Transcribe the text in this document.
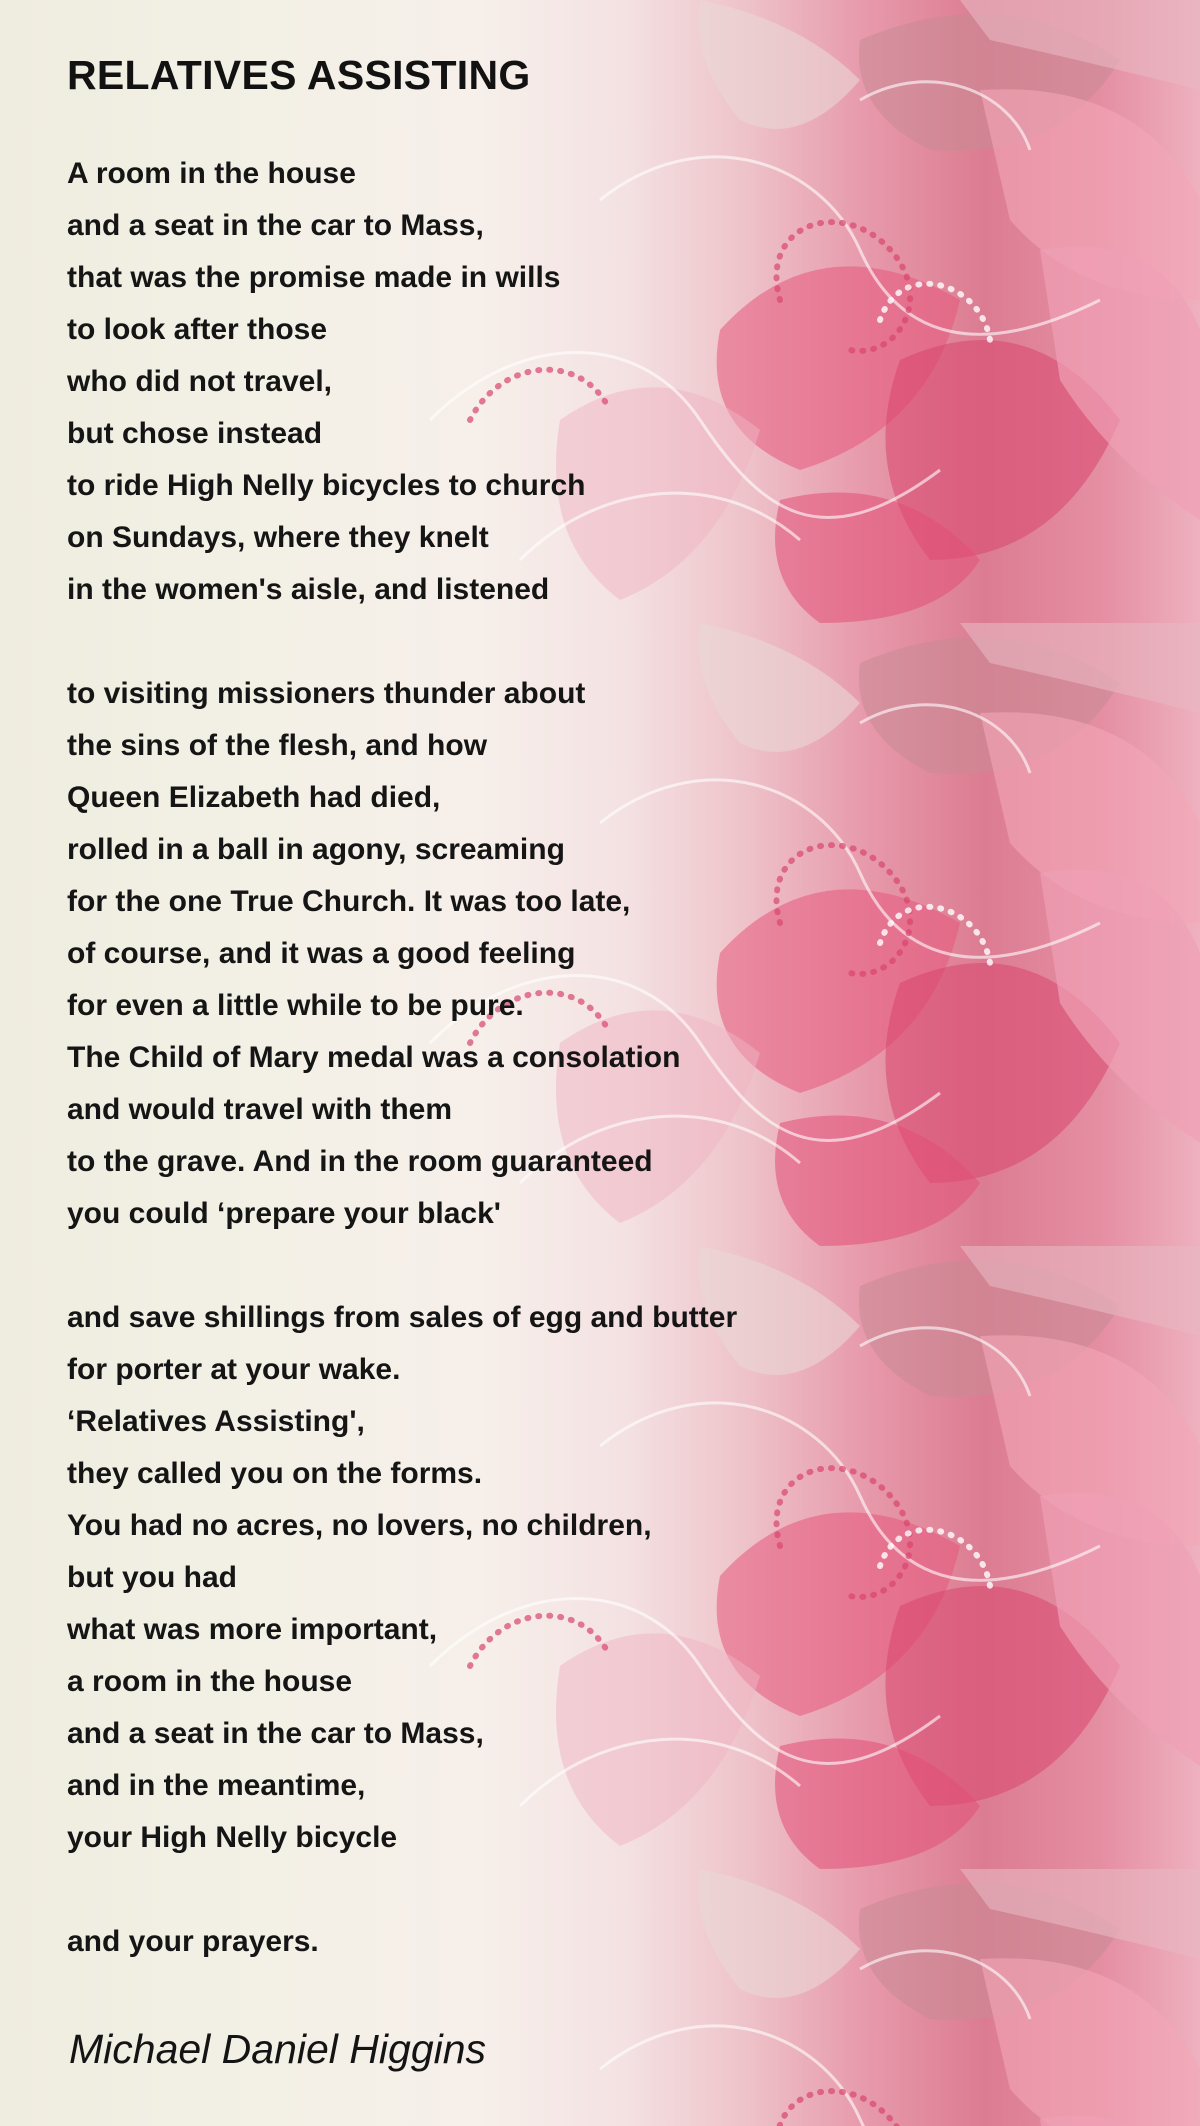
RELATIVES ASSISTING
A room in the house
and a seat in the car to Mass,
that was the promise made in wills
to look after those
who did not travel,
but chose instead
to ride High Nelly bicycles to church
on Sundays, where they knelt
in the women's aisle, and listened
to visiting missioners thunder about
the sins of the flesh, and how
Queen Elizabeth had died,
rolled in a ball in agony, screaming
for the one True Church. It was too late,
of course, and it was a good feeling
for even a little while to be pure.
The Child of Mary medal was a consolation
and would travel with them
to the grave. And in the room guaranteed
you could ‘prepare your black'
and save shillings from sales of egg and butter
for porter at your wake.
‘Relatives Assisting',
they called you on the forms.
You had no acres, no lovers, no children,
but you had
what was more important,
a room in the house
and a seat in the car to Mass,
and in the meantime,
your High Nelly bicycle
and your prayers.
Michael Daniel Higgins
